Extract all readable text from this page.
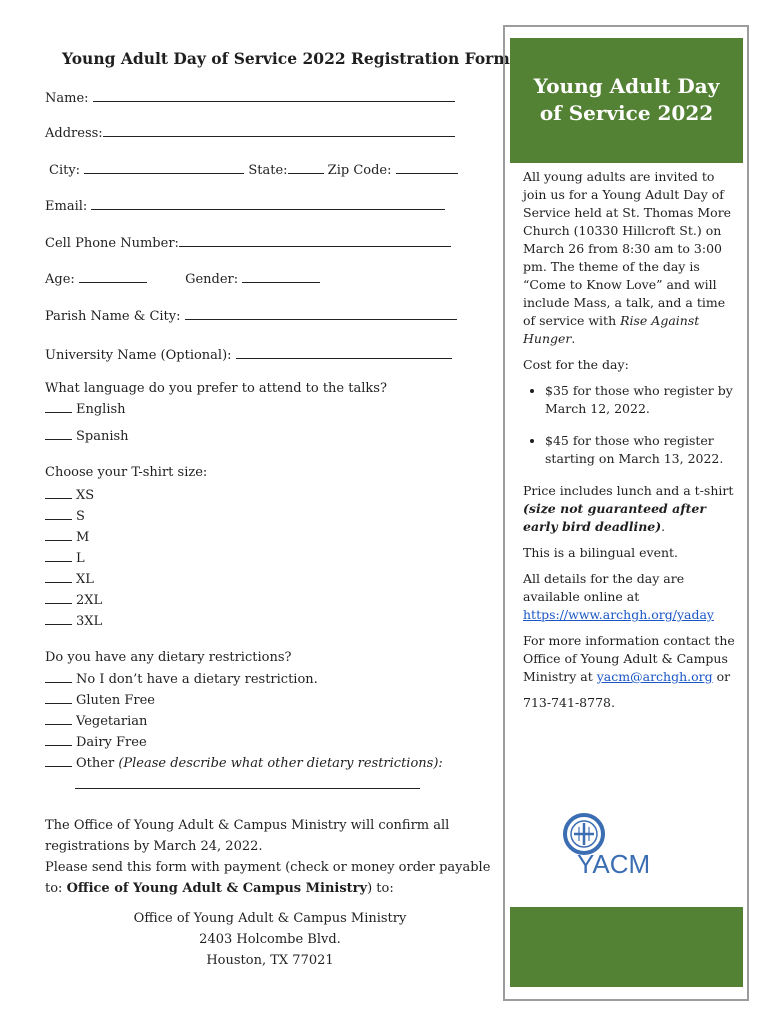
Young Adult Day of Service 2022 Registration Form
Name:
Address:
City:	State:	Zip Code:
Email:
Cell Phone Number:
Age:	Gender:
Parish Name & City:
University Name (Optional):
What language do you prefer to attend to the talks?
English
Spanish
Choose your T-shirt size:
XS
S
M
L
XL
2XL
3XL
Do you have any dietary restrictions?
No I don’t have a dietary restriction.
Gluten Free
Vegetarian
Dairy Free
Other (Please describe what other dietary restrictions):
The Office of Young Adult & Campus Ministry will confirm all
registrations by March 24, 2022.
Please send this form with payment (check or money order payable
to: Office of Young Adult & Campus Ministry) to:
Office of Young Adult & Campus Ministry
2403 Holcombe Blvd.
Houston, TX 77021
Young Adult Day
of Service 2022

All young adults are invited to join us for a Young Adult Day of Service held at St. Thomas More Church (10330 Hillcroft St.) on March 26 from 8:30 am to 3:00 pm. The theme of the day is “Come to Know Love” and will include Mass, a talk, and a time of service with Rise Against Hunger.

Cost for the day:

• $35 for those who register by March 12, 2022.
• $45 for those who register starting on March 13, 2022.

Price includes lunch and a t-shirt (size not guaranteed after early bird deadline).

This is a bilingual event.

All details for the day are available online at https://www.archgh.org/yaday

For more information contact the Office of Young Adult & Campus Ministry at yacm@archgh.org or

713-741-8778.

YACM
